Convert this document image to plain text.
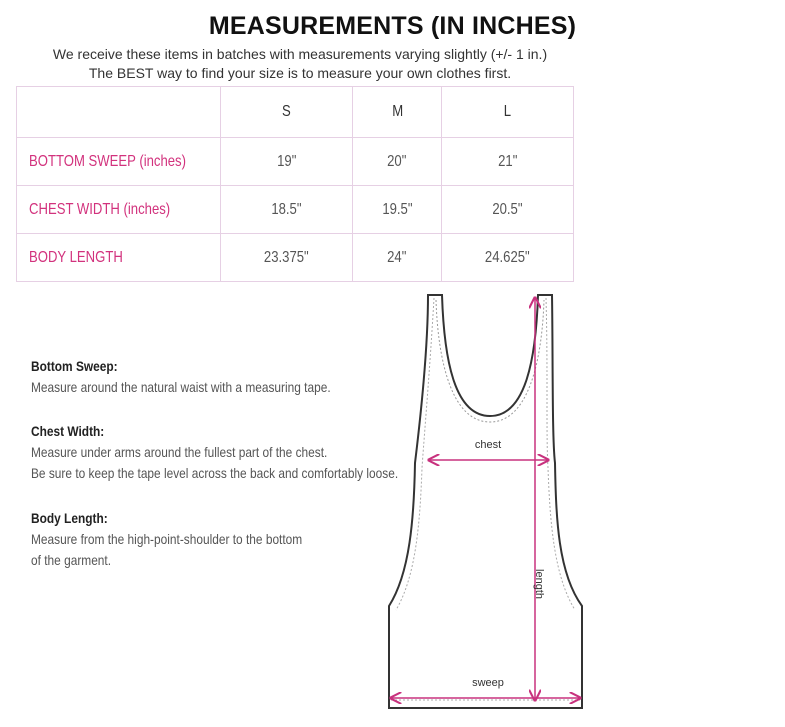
MEASUREMENTS (IN INCHES)
We receive these items in batches with measurements varying slightly (+/- 1 in.)
The BEST way to find your size is to measure your own clothes first.
	S	M	L
BOTTOM SWEEP (inches)	19"	20"	21"
CHEST WIDTH (inches)	18.5"	19.5"	20.5"
BODY LENGTH	23.375"	24"	24.625"
Bottom Sweep:
Measure around the natural waist with a measuring tape.
Chest Width:
Measure under arms around the fullest part of the chest.
Be sure to keep the tape level across the back and comfortably loose.
Body Length:
Measure from the high-point-shoulder to the bottom
of the garment.
chest
length
sweep
